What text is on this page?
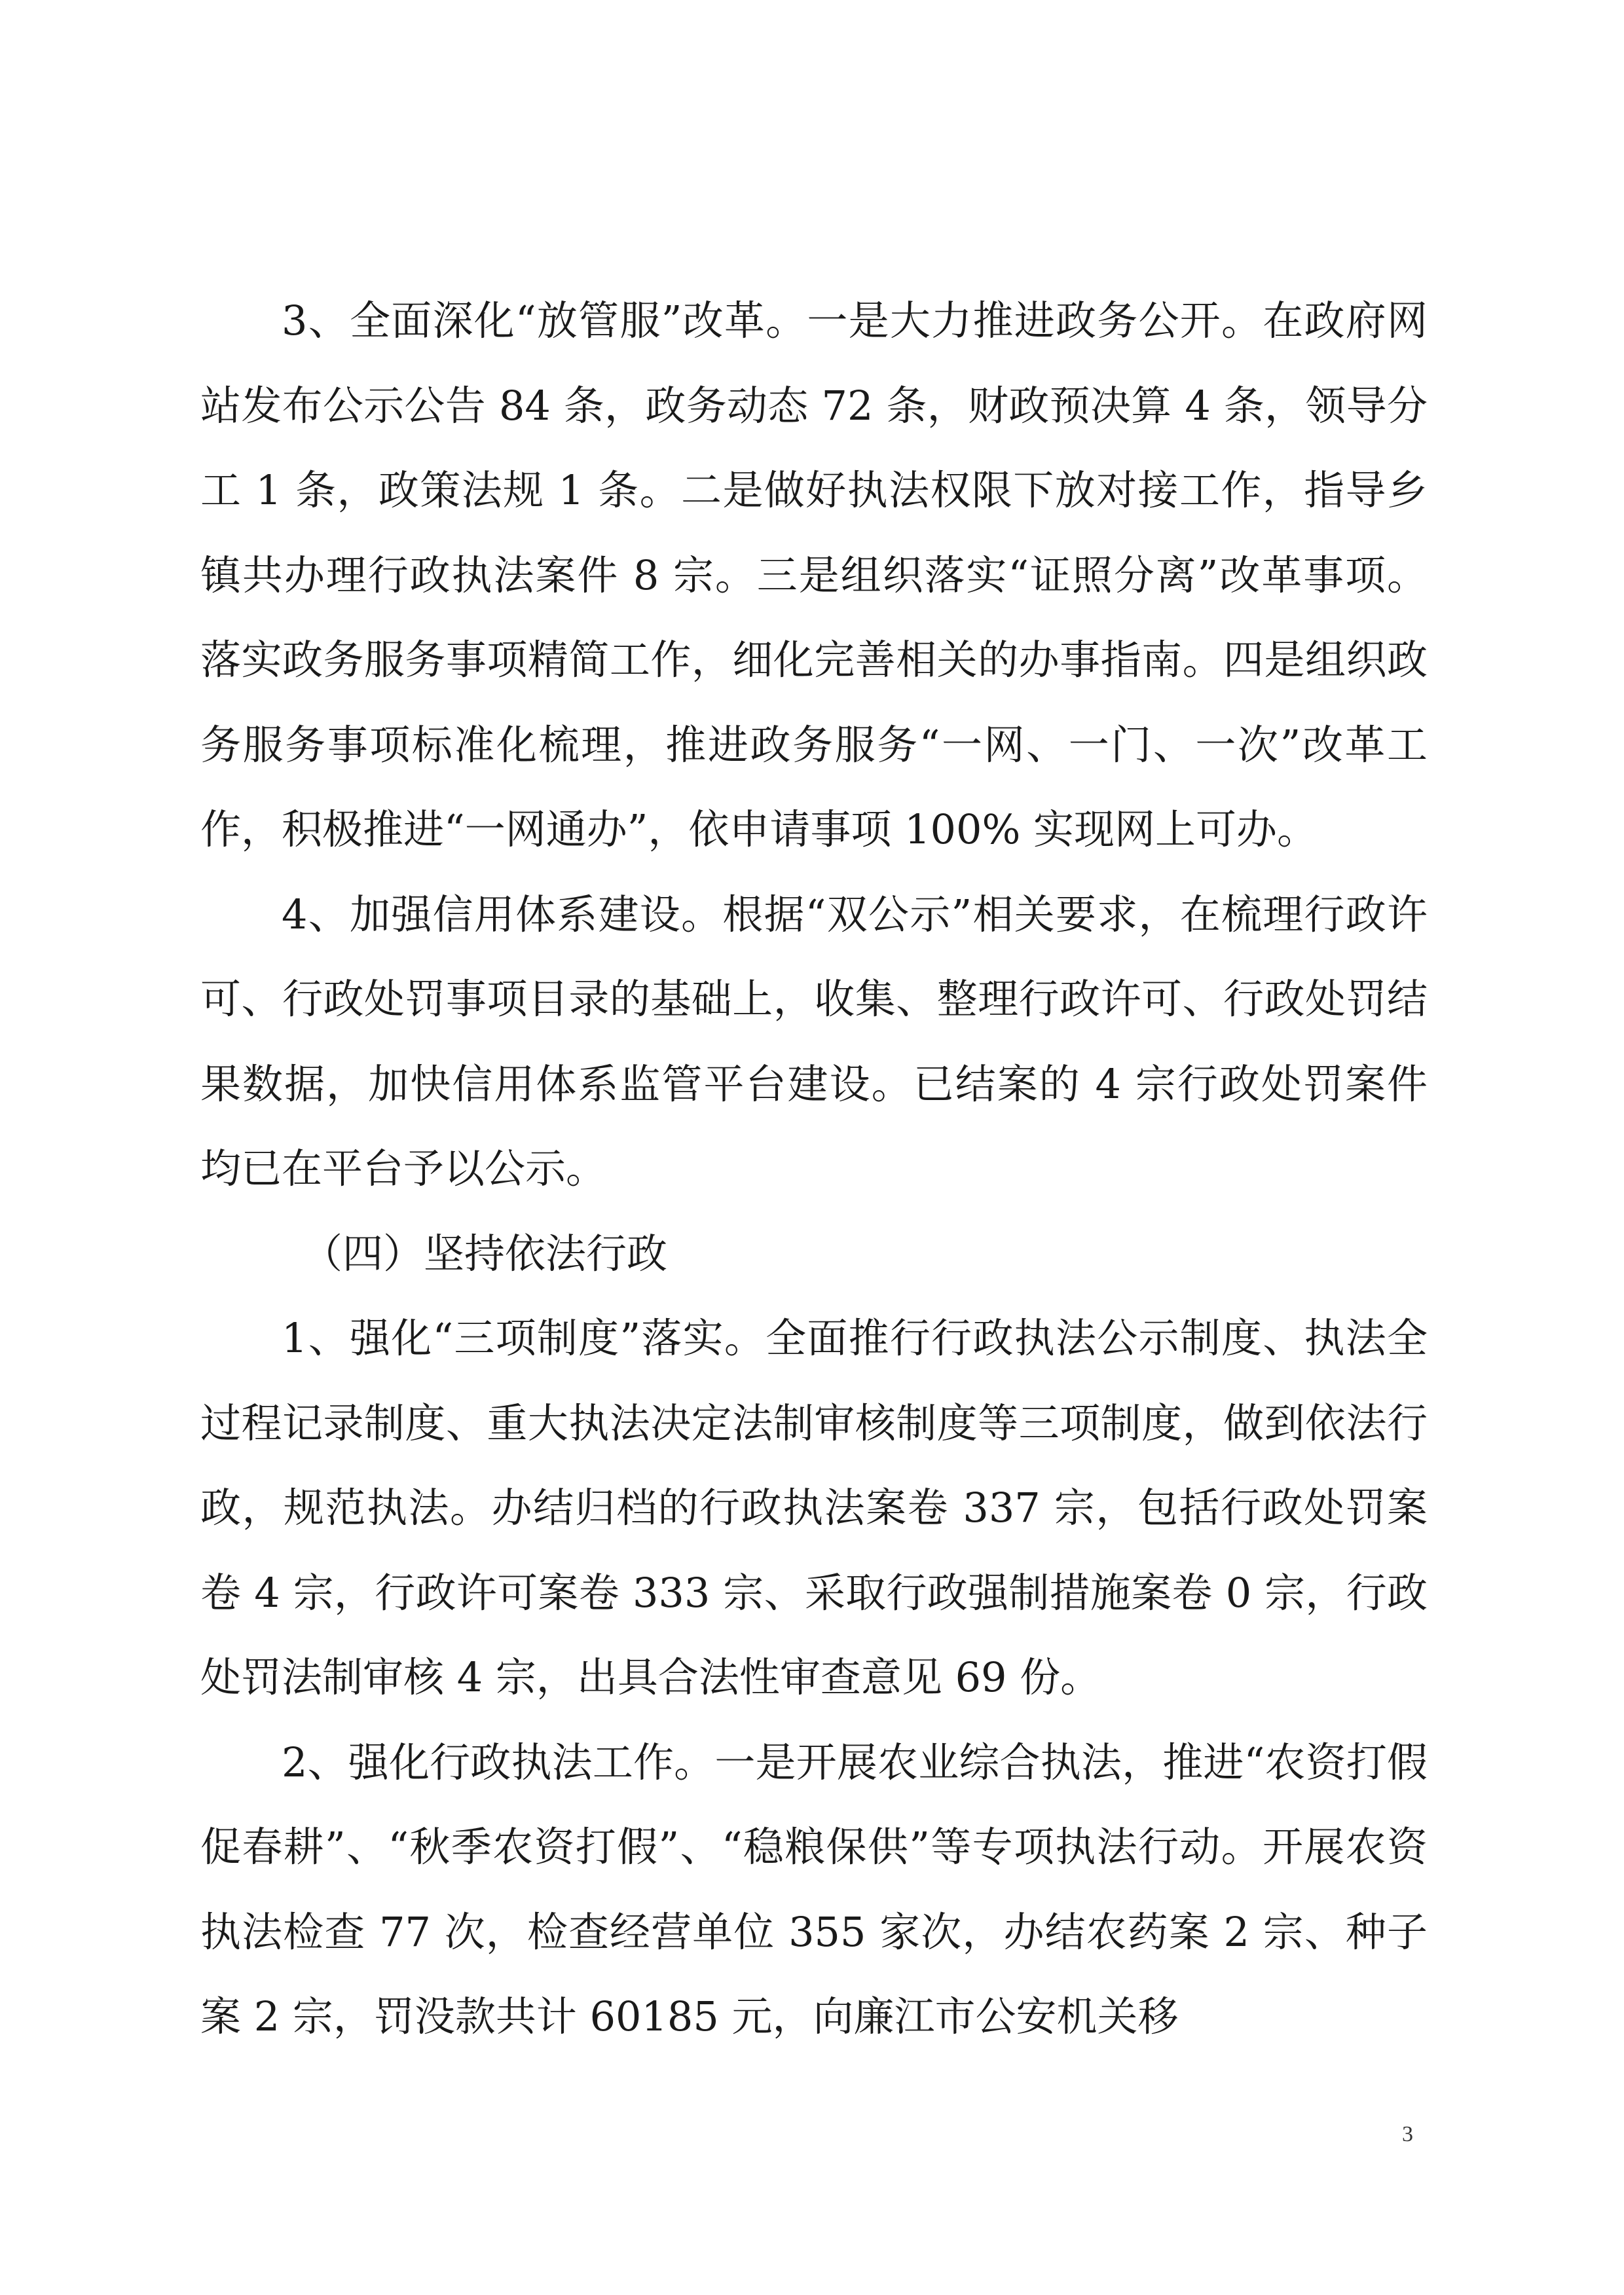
3、全面深化“放管服”改革。一是大力推进政务公开。在政府网站发布公示公告 84 条，政务动态 72 条，财政预决算 4 条，领导分工 1 条，政策法规 1 条。二是做好执法权限下放对接工作，指导乡镇共办理行政执法案件 8 宗。三是组织落实“证照分离”改革事项。落实政务服务事项精简工作，细化完善相关的办事指南。四是组织政务服务事项标准化梳理，推进政务服务“一网、一门、一次”改革工作，积极推进“一网通办”，依申请事项 100% 实现网上可办。

4、加强信用体系建设。根据“双公示”相关要求，在梳理行政许可、行政处罚事项目录的基础上，收集、整理行政许可、行政处罚结果数据，加快信用体系监管平台建设。已结案的 4 宗行政处罚案件均已在平台予以公示。

（四）坚持依法行政

1、强化“三项制度”落实。全面推行行政执法公示制度、执法全过程记录制度、重大执法决定法制审核制度等三项制度，做到依法行政，规范执法。办结归档的行政执法案卷 337 宗，包括行政处罚案卷 4 宗，行政许可案卷 333 宗、采取行政强制措施案卷 0 宗，行政处罚法制审核 4 宗，出具合法性审查意见 69 份。

2、强化行政执法工作。一是开展农业综合执法，推进“农资打假促春耕”、“秋季农资打假”、“稳粮保供”等专项执法行动。开展农资执法检查 77 次，检查经营单位 355 家次，办结农药案 2 宗、种子案 2 宗，罚没款共计 60185 元，向廉江市公安机关移

3
